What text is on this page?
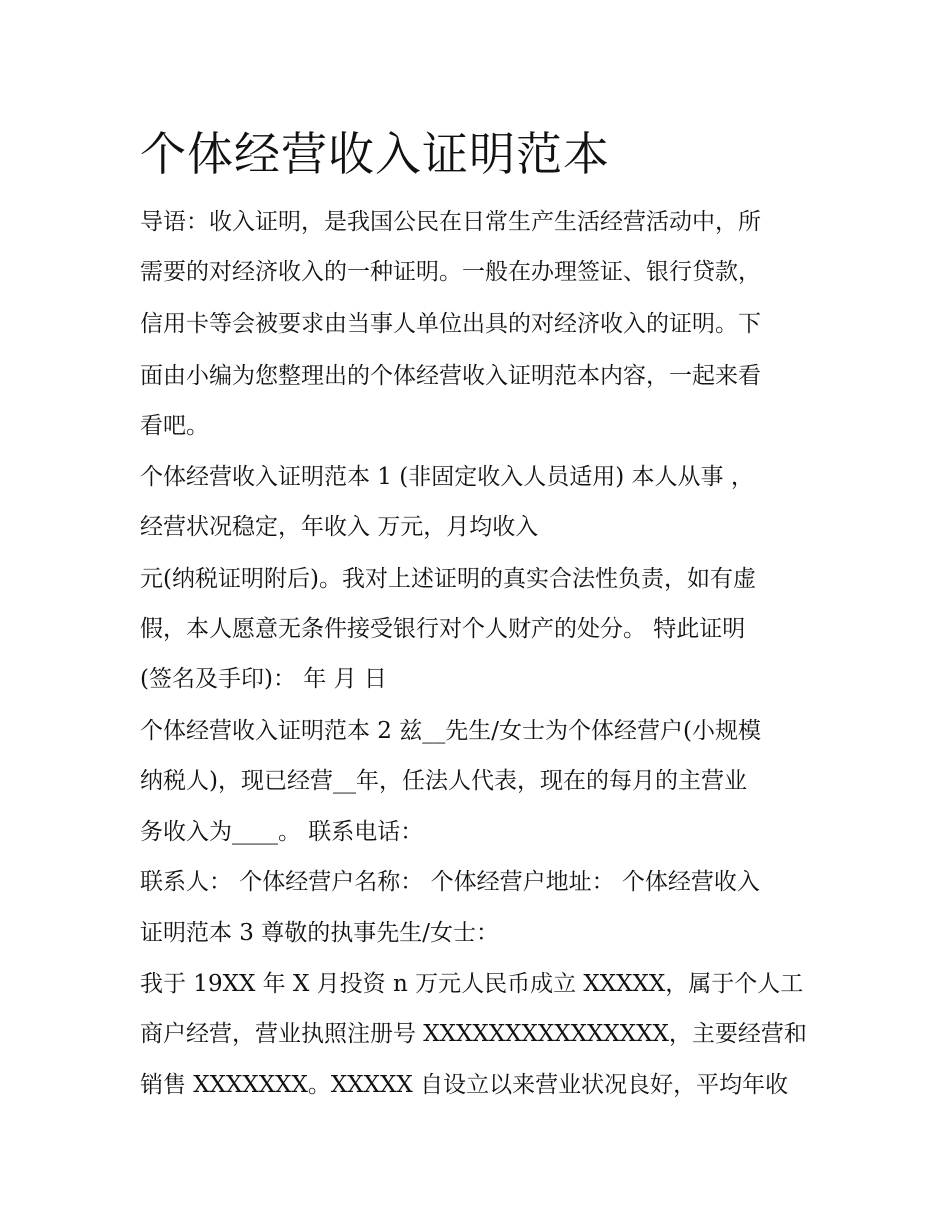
个体经营收入证明范本

导语：收入证明，是我国公民在日常生产生活经营活动中，所

需要的对经济收入的一种证明。一般在办理签证、银行贷款，

信用卡等会被要求由当事人单位出具的对经济收入的证明。下

面由小编为您整理出的个体经营收入证明范本内容，一起来看

看吧。

个体经营收入证明范本 1 (非固定收入人员适用) 本人从事 ，

经营状况稳定，年收入 万元，月均收入

元(纳税证明附后)。我对上述证明的真实合法性负责，如有虚

假，本人愿意无条件接受银行对个人财产的处分。 特此证明

(签名及手印)： 年 月 日

个体经营收入证明范本 2 兹__先生/女士为个体经营户(小规模

纳税人)，现已经营__年，任法人代表，现在的每月的主营业

务收入为____。 联系电话：

联系人： 个体经营户名称： 个体经营户地址： 个体经营收入

证明范本 3 尊敬的执事先生/女士：

我于 19XX 年 X 月投资 n 万元人民币成立 XXXXX，属于个人工

商户经营，营业执照注册号 XXXXXXXXXXXXXXX，主要经营和

销售 XXXXXXX。XXXXX 自设立以来营业状况良好，平均年收
